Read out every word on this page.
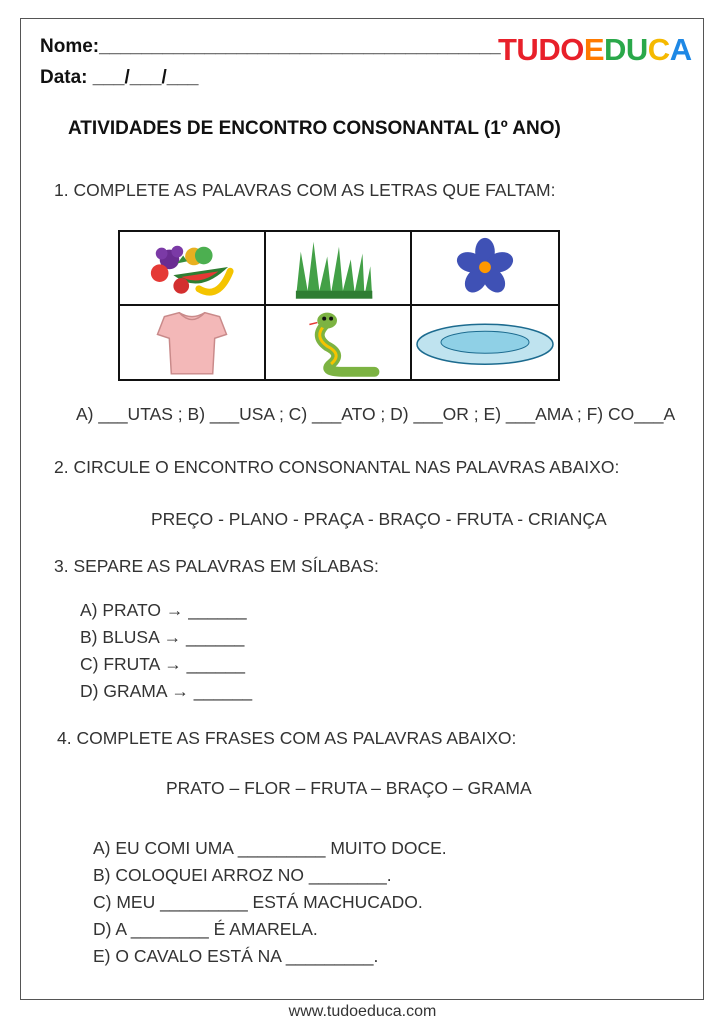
Nome:______________________________________
Data: ___/___/___
TUDOEDUCA
ATIVIDADES DE ENCONTRO CONSONANTAL (1º ANO)
1. COMPLETE AS PALAVRAS COM AS LETRAS QUE FALTAM:
A) ___UTAS ; B) ___USA ; C) ___ATO ; D) ___OR ; E) ___AMA ; F) CO___A
2. CIRCULE O ENCONTRO CONSONANTAL NAS PALAVRAS ABAIXO:
PREÇO - PLANO - PRAÇA - BRAÇO - FRUTA - CRIANÇA
3. SEPARE AS PALAVRAS EM SÍLABAS:
A) PRATO → ______
B) BLUSA → ______
C) FRUTA → ______
D) GRAMA → ______
4. COMPLETE AS FRASES COM AS PALAVRAS ABAIXO:
PRATO – FLOR – FRUTA – BRAÇO – GRAMA
A) EU COMI UMA _________ MUITO DOCE.
B) COLOQUEI ARROZ NO ________.
C) MEU _________ ESTÁ MACHUCADO.
D) A ________ É AMARELA.
E) O CAVALO ESTÁ NA _________.
www.tudoeduca.com
